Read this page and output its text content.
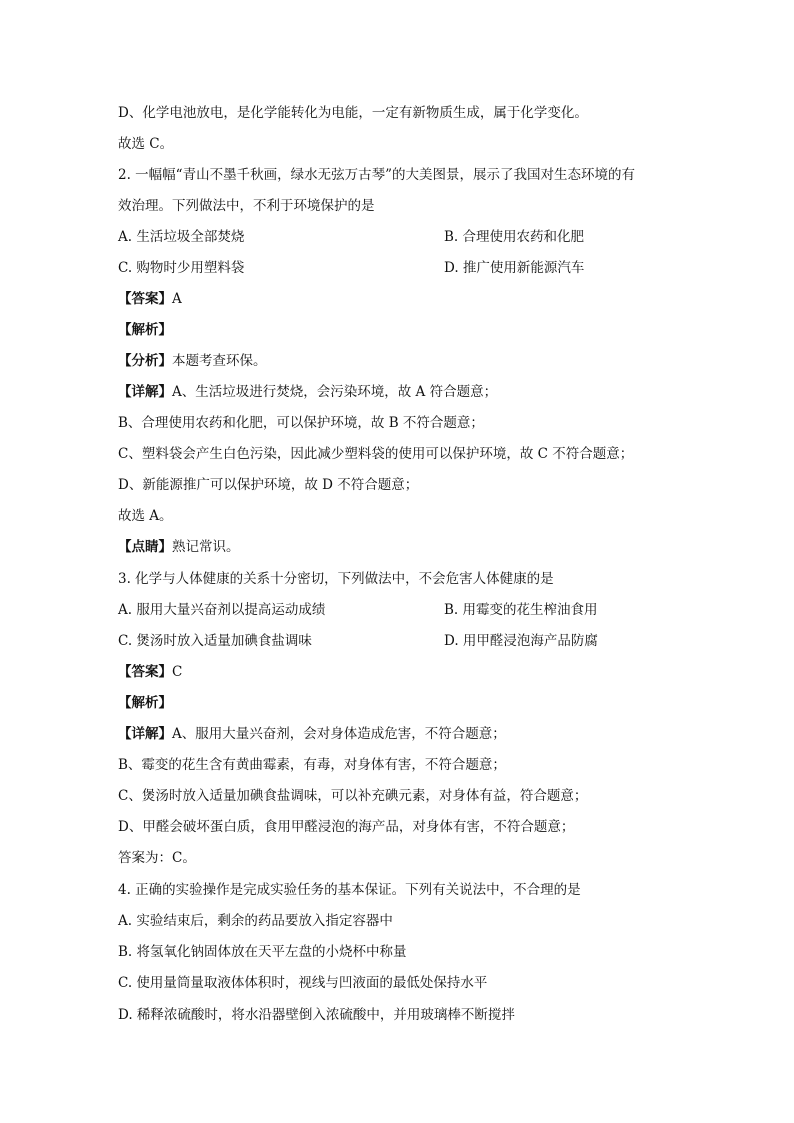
D、化学电池放电，是化学能转化为电能，一定有新物质生成，属于化学变化。
故选 C。
2. 一幅幅“青山不墨千秋画，绿水无弦万古琴”的大美图景，展示了我国对生态环境的有
效治理。下列做法中，不利于环境保护的是
A. 生活垃圾全部焚烧	B. 合理使用农药和化肥
C. 购物时少用塑料袋	D. 推广使用新能源汽车
【答案】A
【解析】
【分析】本题考查环保。
【详解】A、生活垃圾进行焚烧，会污染环境，故 A 符合题意；
B、合理使用农药和化肥，可以保护环境，故 B 不符合题意；
C、塑料袋会产生白色污染，因此减少塑料袋的使用可以保护环境，故 C 不符合题意；
D、新能源推广可以保护环境，故 D 不符合题意；
故选 A。
【点睛】熟记常识。
3. 化学与人体健康的关系十分密切，下列做法中，不会危害人体健康的是
A. 服用大量兴奋剂以提高运动成绩	B. 用霉变的花生榨油食用
C. 煲汤时放入适量加碘食盐调味	D. 用甲醛浸泡海产品防腐
【答案】C
【解析】
【详解】A、服用大量兴奋剂，会对身体造成危害，不符合题意；
B、霉变的花生含有黄曲霉素，有毒，对身体有害，不符合题意；
C、煲汤时放入适量加碘食盐调味，可以补充碘元素，对身体有益，符合题意；
D、甲醛会破坏蛋白质，食用甲醛浸泡的海产品，对身体有害，不符合题意；
答案为：C。
4. 正确的实验操作是完成实验任务的基本保证。下列有关说法中，不合理的是
A. 实验结束后，剩余的药品要放入指定容器中
B. 将氢氧化钠固体放在天平左盘的小烧杯中称量
C. 使用量筒量取液体体积时，视线与凹液面的最低处保持水平
D. 稀释浓硫酸时，将水沿器壁倒入浓硫酸中，并用玻璃棒不断搅拌
